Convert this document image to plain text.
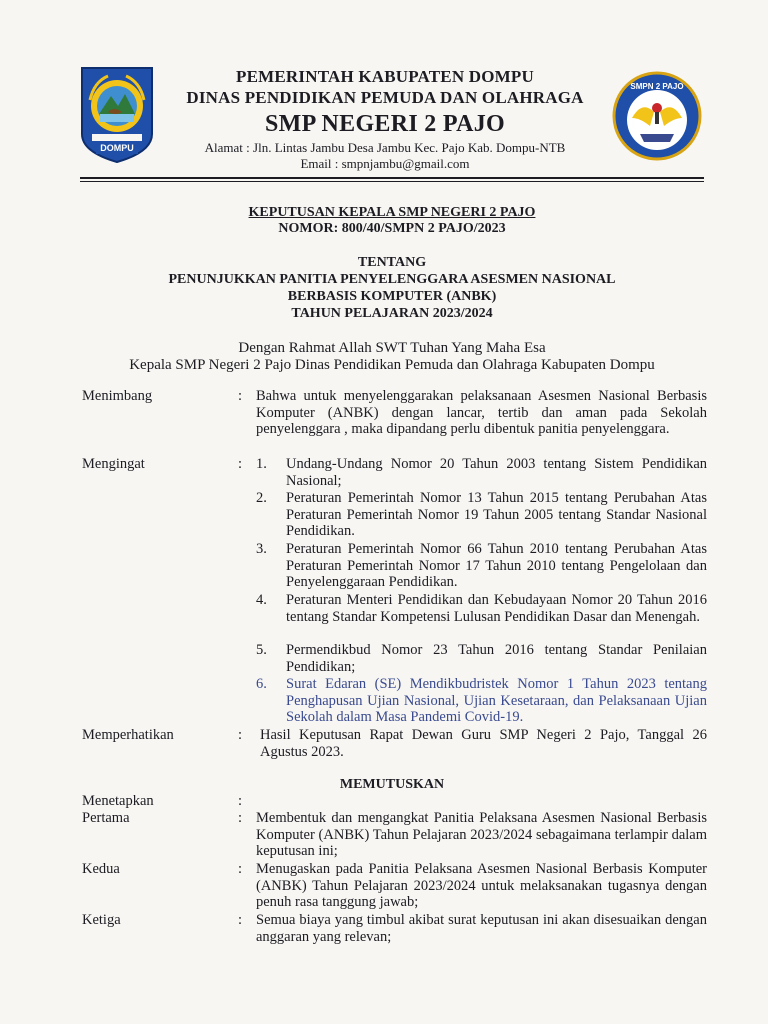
DOMPU
PEMERINTAH KABUPATEN DOMPU
DINAS PENDIDIKAN PEMUDA DAN OLAHRAGA
SMP NEGERI 2 PAJO
Alamat : Jln. Lintas Jambu Desa Jambu Kec. Pajo Kab. Dompu-NTB
Email : smpnjambu@gmail.com
SMPN 2 PAJO
KEPUTUSAN KEPALA SMP NEGERI 2 PAJO
NOMOR: 800/40/SMPN 2 PAJO/2023
TENTANG
PENUNJUKKAN PANITIA PENYELENGGARA ASESMEN NASIONAL
BERBASIS KOMPUTER (ANBK)
TAHUN PELAJARAN 2023/2024
Dengan Rahmat Allah SWT Tuhan Yang Maha Esa
Kepala SMP Negeri 2 Pajo Dinas Pendidikan Pemuda dan Olahraga Kabupaten Dompu
Menimbang	: Bahwa untuk menyelenggarakan pelaksanaan Asesmen Nasional Berbasis Komputer (ANBK) dengan lancar, tertib dan aman pada Sekolah penyelenggara , maka dipandang perlu dibentuk panitia penyelenggara.
Mengingat	: 1. Undang-Undang Nomor 20 Tahun 2003 tentang Sistem Pendidikan Nasional;
2. Peraturan Pemerintah Nomor 13 Tahun 2015 tentang Perubahan Atas Peraturan Pemerintah Nomor 19 Tahun 2005 tentang Standar Nasional Pendidikan.
3. Peraturan Pemerintah Nomor 66 Tahun 2010 tentang Perubahan Atas Peraturan Pemerintah Nomor 17 Tahun 2010 tentang Pengelolaan dan Penyelenggaraan Pendidikan.
4. Peraturan Menteri Pendidikan dan Kebudayaan Nomor 20 Tahun 2016 tentang Standar Kompetensi Lulusan Pendidikan Dasar dan Menengah.
5. Permendikbud Nomor 23 Tahun 2016 tentang Standar Penilaian Pendidikan;
6. Surat Edaran (SE) Mendikbudristek Nomor 1 Tahun 2023 tentang Penghapusan Ujian Nasional, Ujian Kesetaraan, dan Pelaksanaan Ujian Sekolah dalam Masa Pandemi Covid-19.
Memperhatikan	: Hasil Keputusan Rapat Dewan Guru SMP Negeri 2 Pajo, Tanggal 26 Agustus 2023.
MEMUTUSKAN
Menetapkan	:
Pertama	: Membentuk dan mengangkat Panitia Pelaksana Asesmen Nasional Berbasis Komputer (ANBK) Tahun Pelajaran 2023/2024 sebagaimana terlampir dalam keputusan ini;
Kedua	: Menugaskan pada Panitia Pelaksana Asesmen Nasional Berbasis Komputer (ANBK) Tahun Pelajaran 2023/2024 untuk melaksanakan tugasnya dengan penuh rasa tanggung jawab;
Ketiga	: Semua biaya yang timbul akibat surat keputusan ini akan disesuaikan dengan anggaran yang relevan;
